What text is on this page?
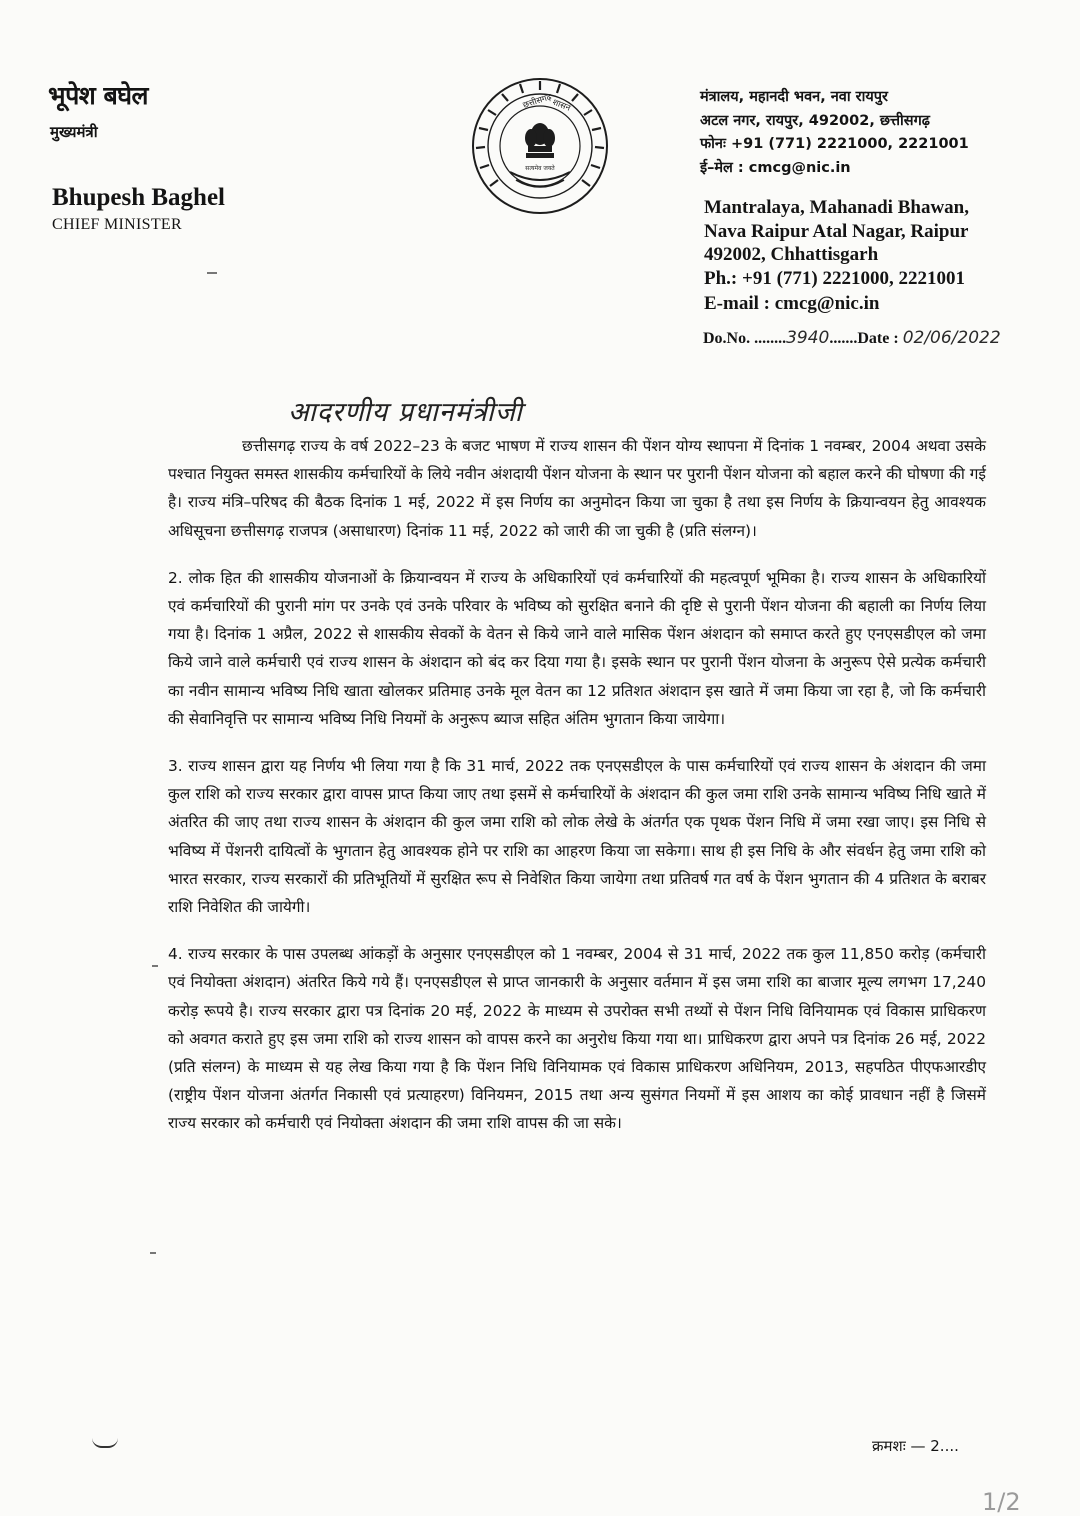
भूपेश बघेल
मुख्यमंत्री
Bhupesh Baghel
CHIEF MINISTER
छत्तीसगढ़
शासन
सत्यमेव जयते
मंत्रालय, महानदी भवन, नवा रायपुर
अटल नगर, रायपुर, 492002, छत्तीसगढ़
फोनः +91 (771) 2221000, 2221001
ई–मेल : cmcg@nic.in
Mantralaya, Mahanadi Bhawan,
Nava Raipur Atal Nagar, Raipur
492002, Chhattisgarh
Ph.: +91 (771) 2221000, 2221001
E-mail : cmcg@nic.in
Do.No. ........3940.......Date : 02/06/2022
आदरणीय प्रधानमंत्रीजी

छत्तीसगढ़ राज्य के वर्ष 2022–23 के बजट भाषण में राज्य शासन की पेंशन योग्य स्थापना में दिनांक 1 नवम्बर, 2004 अथवा उसके पश्चात नियुक्त समस्त शासकीय कर्मचारियों के लिये नवीन अंशदायी पेंशन योजना के स्थान पर पुरानी पेंशन योजना को बहाल करने की घोषणा की गई है। राज्य मंत्रि–परिषद की बैठक दिनांक 1 मई, 2022 में इस निर्णय का अनुमोदन किया जा चुका है तथा इस निर्णय के क्रियान्वयन हेतु आवश्यक अधिसूचना छत्तीसगढ़ राजपत्र (असाधारण) दिनांक 11 मई, 2022 को जारी की जा चुकी है (प्रति संलग्न)।

2. लोक हित की शासकीय योजनाओं के क्रियान्वयन में राज्य के अधिकारियों एवं कर्मचारियों की महत्वपूर्ण भूमिका है। राज्य शासन के अधिकारियों एवं कर्मचारियों की पुरानी मांग पर उनके एवं उनके परिवार के भविष्य को सुरक्षित बनाने की दृष्टि से पुरानी पेंशन योजना की बहाली का निर्णय लिया गया है। दिनांक 1 अप्रैल, 2022 से शासकीय सेवकों के वेतन से किये जाने वाले मासिक पेंशन अंशदान को समाप्त करते हुए एनएसडीएल को जमा किये जाने वाले कर्मचारी एवं राज्य शासन के अंशदान को बंद कर दिया गया है। इसके स्थान पर पुरानी पेंशन योजना के अनुरूप ऐसे प्रत्येक कर्मचारी का नवीन सामान्य भविष्य निधि खाता खोलकर प्रतिमाह उनके मूल वेतन का 12 प्रतिशत अंशदान इस खाते में जमा किया जा रहा है, जो कि कर्मचारी की सेवानिवृत्ति पर सामान्य भविष्य निधि नियमों के अनुरूप ब्याज सहित अंतिम भुगतान किया जायेगा।

3. राज्य शासन द्वारा यह निर्णय भी लिया गया है कि 31 मार्च, 2022 तक एनएसडीएल के पास कर्मचारियों एवं राज्य शासन के अंशदान की जमा कुल राशि को राज्य सरकार द्वारा वापस प्राप्त किया जाए तथा इसमें से कर्मचारियों के अंशदान की कुल जमा राशि उनके सामान्य भविष्य निधि खाते में अंतरित की जाए तथा राज्य शासन के अंशदान की कुल जमा राशि को लोक लेखे के अंतर्गत एक पृथक पेंशन निधि में जमा रखा जाए। इस निधि से भविष्य में पेंशनरी दायित्वों के भुगतान हेतु आवश्यक होने पर राशि का आहरण किया जा सकेगा। साथ ही इस निधि के और संवर्धन हेतु जमा राशि को भारत सरकार, राज्य सरकारों की प्रतिभूतियों में सुरक्षित रूप से निवेशित किया जायेगा तथा प्रतिवर्ष गत वर्ष के पेंशन भुगतान की 4 प्रतिशत के बराबर राशि निवेशित की जायेगी।

4. राज्य सरकार के पास उपलब्ध आंकड़ों के अनुसार एनएसडीएल को 1 नवम्बर, 2004 से 31 मार्च, 2022 तक कुल 11,850 करोड़ (कर्मचारी एवं नियोक्ता अंशदान) अंतरित किये गये हैं। एनएसडीएल से प्राप्त जानकारी के अनुसार वर्तमान में इस जमा राशि का बाजार मूल्य लगभग 17,240 करोड़ रूपये है। राज्य सरकार द्वारा पत्र दिनांक 20 मई, 2022 के माध्यम से उपरोक्त सभी तथ्यों से पेंशन निधि विनियामक एवं विकास प्राधिकरण को अवगत कराते हुए इस जमा राशि को राज्य शासन को वापस करने का अनुरोध किया गया था। प्राधिकरण द्वारा अपने पत्र दिनांक 26 मई, 2022 (प्रति संलग्न) के माध्यम से यह लेख किया गया है कि पेंशन निधि विनियामक एवं विकास प्राधिकरण अधिनियम, 2013, सहपठित पीएफआरडीए (राष्ट्रीय पेंशन योजना अंतर्गत निकासी एवं प्रत्याहरण) विनियमन, 2015 तथा अन्य सुसंगत नियमों में इस आशय का कोई प्रावधान नहीं है जिसमें राज्य सरकार को कर्मचारी एवं नियोक्ता अंशदान की जमा राशि वापस की जा सके।

क्रमशः — 2....
1/2
